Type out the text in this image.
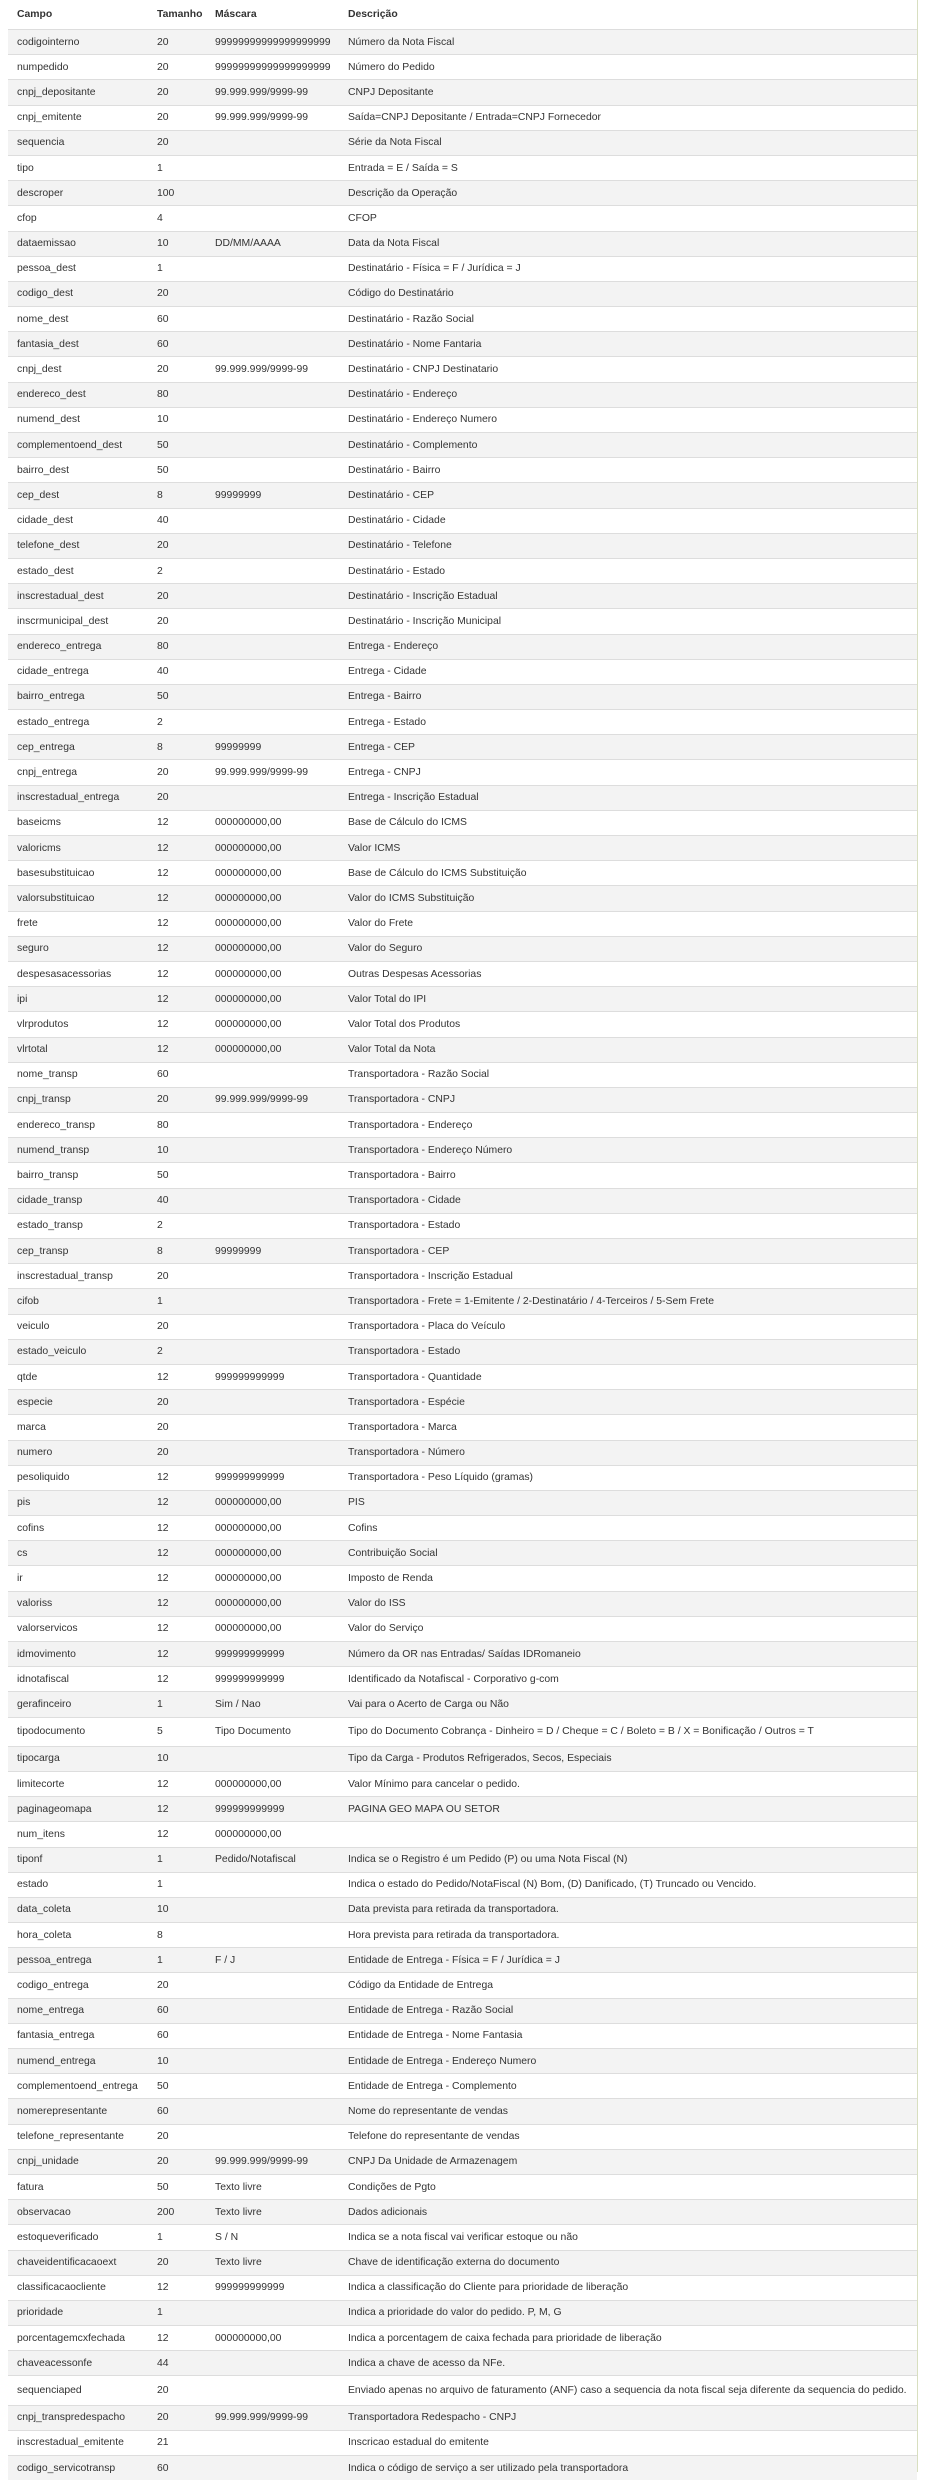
Campo	Tamanho	Máscara	Descrição
codigointerno	20	99999999999999999999	Número da Nota Fiscal
numpedido	20	99999999999999999999	Número do Pedido
cnpj_depositante	20	99.999.999/9999-99	CNPJ Depositante
cnpj_emitente	20	99.999.999/9999-99	Saída=CNPJ Depositante / Entrada=CNPJ Fornecedor
sequencia	20		Série da Nota Fiscal
tipo	1		Entrada = E / Saída = S
descroper	100		Descrição da Operação
cfop	4		CFOP
dataemissao	10	DD/MM/AAAA	Data da Nota Fiscal
pessoa_dest	1		Destinatário - Física = F / Jurídica = J
codigo_dest	20		Código do Destinatário
nome_dest	60		Destinatário - Razão Social
fantasia_dest	60		Destinatário - Nome Fantaria
cnpj_dest	20	99.999.999/9999-99	Destinatário - CNPJ Destinatario
endereco_dest	80		Destinatário - Endereço
numend_dest	10		Destinatário - Endereço Numero
complementoend_dest	50		Destinatário - Complemento
bairro_dest	50		Destinatário - Bairro
cep_dest	8	99999999	Destinatário - CEP
cidade_dest	40		Destinatário - Cidade
telefone_dest	20		Destinatário - Telefone
estado_dest	2		Destinatário - Estado
inscrestadual_dest	20		Destinatário - Inscrição Estadual
inscrmunicipal_dest	20		Destinatário - Inscrição Municipal
endereco_entrega	80		Entrega - Endereço
cidade_entrega	40		Entrega - Cidade
bairro_entrega	50		Entrega - Bairro
estado_entrega	2		Entrega - Estado
cep_entrega	8	99999999	Entrega - CEP
cnpj_entrega	20	99.999.999/9999-99	Entrega - CNPJ
inscrestadual_entrega	20		Entrega - Inscrição Estadual
baseicms	12	000000000,00	Base de Cálculo do ICMS
valoricms	12	000000000,00	Valor ICMS
basesubstituicao	12	000000000,00	Base de Cálculo do ICMS Substituição
valorsubstituicao	12	000000000,00	Valor do ICMS Substituição
frete	12	000000000,00	Valor do Frete
seguro	12	000000000,00	Valor do Seguro
despesasacessorias	12	000000000,00	Outras Despesas Acessorias
ipi	12	000000000,00	Valor Total do IPI
vlrprodutos	12	000000000,00	Valor Total dos Produtos
vlrtotal	12	000000000,00	Valor Total da Nota
nome_transp	60		Transportadora - Razão Social
cnpj_transp	20	99.999.999/9999-99	Transportadora - CNPJ
endereco_transp	80		Transportadora - Endereço
numend_transp	10		Transportadora - Endereço Número
bairro_transp	50		Transportadora - Bairro
cidade_transp	40		Transportadora - Cidade
estado_transp	2		Transportadora - Estado
cep_transp	8	99999999	Transportadora - CEP
inscrestadual_transp	20		Transportadora - Inscrição Estadual
cifob	1		Transportadora - Frete = 1-Emitente / 2-Destinatário / 4-Terceiros / 5-Sem Frete
veiculo	20		Transportadora - Placa do Veículo
estado_veiculo	2		Transportadora - Estado
qtde	12	999999999999	Transportadora - Quantidade
especie	20		Transportadora - Espécie
marca	20		Transportadora - Marca
numero	20		Transportadora - Número
pesoliquido	12	999999999999	Transportadora - Peso Líquido (gramas)
pis	12	000000000,00	PIS
cofins	12	000000000,00	Cofins
cs	12	000000000,00	Contribuição Social
ir	12	000000000,00	Imposto de Renda
valoriss	12	000000000,00	Valor do ISS
valorservicos	12	000000000,00	Valor do Serviço
idmovimento	12	999999999999	Número da OR nas Entradas/ Saídas IDRomaneio
idnotafiscal	12	999999999999	Identificado da Notafiscal - Corporativo g-com
gerafinceiro	1	Sim / Nao	Vai para o Acerto de Carga ou Não
tipodocumento	5	Tipo Documento	Tipo do Documento Cobrança - Dinheiro = D / Cheque = C / Boleto = B / X = Bonificação / Outros = T
tipocarga	10		Tipo da Carga - Produtos Refrigerados, Secos, Especiais
limitecorte	12	000000000,00	Valor Mínimo para cancelar o pedido.
paginageomapa	12	999999999999	PAGINA GEO MAPA OU SETOR
num_itens	12	000000000,00	
tiponf	1	Pedido/Notafiscal	Indica se o Registro é um Pedido (P) ou uma Nota Fiscal (N)
estado	1		Indica o estado do Pedido/NotaFiscal (N) Bom, (D) Danificado, (T) Truncado ou Vencido.
data_coleta	10		Data prevista para retirada da transportadora.
hora_coleta	8		Hora prevista para retirada da transportadora.
pessoa_entrega	1	F / J	Entidade de Entrega - Física = F / Jurídica = J
codigo_entrega	20		Código da Entidade de Entrega
nome_entrega	60		Entidade de Entrega - Razão Social
fantasia_entrega	60		Entidade de Entrega - Nome Fantasia
numend_entrega	10		Entidade de Entrega - Endereço Numero
complementoend_entrega	50		Entidade de Entrega - Complemento
nomerepresentante	60		Nome do representante de vendas
telefone_representante	20		Telefone do representante de vendas
cnpj_unidade	20	99.999.999/9999-99	CNPJ Da Unidade de Armazenagem
fatura	50	Texto livre	Condições de Pgto
observacao	200	Texto livre	Dados adicionais
estoqueverificado	1	S / N	Indica se a nota fiscal vai verificar estoque ou não
chaveidentificacaoext	20	Texto livre	Chave de identificação externa do documento
classificacaocliente	12	999999999999	Indica a classificação do Cliente para prioridade de liberação
prioridade	1		Indica a prioridade do valor do pedido. P, M, G
porcentagemcxfechada	12	000000000,00	Indica a porcentagem de caixa fechada para prioridade de liberação
chaveacessonfe	44		Indica a chave de acesso da NFe.
sequenciaped	20		Enviado apenas no arquivo de faturamento (ANF) caso a sequencia da nota fiscal seja diferente da sequencia do pedido.
cnpj_transpredespacho	20	99.999.999/9999-99	Transportadora Redespacho - CNPJ
inscrestadual_emitente	21		Inscricao estadual do emitente
codigo_servicotransp	60		Indica o código de serviço a ser utilizado pela transportadora
